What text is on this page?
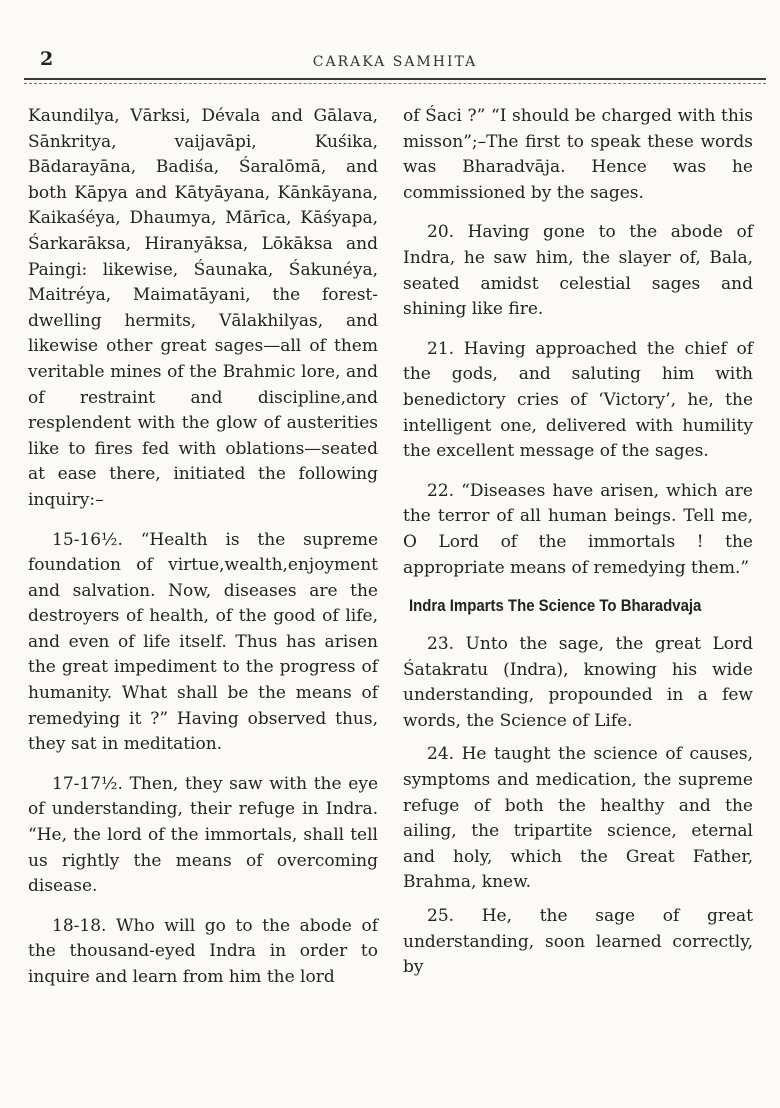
2	CARAKA SAMHITA

Kaundilya, Vārksi, Dévala and Gālava, Sānkritya, vaijavāpi, Kuśika, Bādarayāna, Badiśa, Śaralōmā, and both Kāpya and Kātyāyana, Kānkāyana, Kaikaśéya, Dhaumya, Mārīca, Kāśyapa, Śarkarāksa, Hiranyāksa, Lōkāksa and Paingi: likewise, Śaunaka, Śakunéya, Maitréya, Maimatāyani, the forest-dwelling hermits, Vālakhilyas, and likewise other great sages—all of them veritable mines of the Brahmic lore, and of restraint and discipline,and resplendent with the glow of austerities like to fires fed with oblations—seated at ease there, initiated the following inquiry:–

15-16½. “Health is the supreme foundation of virtue,wealth,enjoyment and salvation. Now, diseases are the destroyers of health, of the good of life, and even of life itself. Thus has arisen the great impediment to the progress of humanity. What shall be the means of remedying it ?” Having observed thus, they sat in meditation.

17-17½. Then, they saw with the eye of understanding, their refuge in Indra. “He, the lord of the immortals, shall tell us rightly the means of overcoming disease.

18-18. Who will go to the abode of the thousand-eyed Indra in order to inquire and learn from him the lord

of Śaci ?” “I should be charged with this misson”;–The first to speak these words was Bharadvāja. Hence was he commissioned by the sages.

20. Having gone to the abode of Indra, he saw him, the slayer of, Bala, seated amidst celestial sages and shining like fire.

21. Having approached the chief of the gods, and saluting him with benedictory cries of ‘Victory’, he, the intelligent one, delivered with humility the excellent message of the sages.

22. “Diseases have arisen, which are the terror of all human beings. Tell me, O Lord of the immortals ! the appropriate means of remedying them.”

Indra Imparts The Science To Bharadvaja

23. Unto the sage, the great Lord Śatakratu (Indra), knowing his wide understanding, propounded in a few words, the Science of Life.

24. He taught the science of causes, symptoms and medication, the supreme refuge of both the healthy and the ailing, the tripartite science, eternal and holy, which the Great Father, Brahma, knew.

25. He, the sage of great understanding, soon learned correctly, by
